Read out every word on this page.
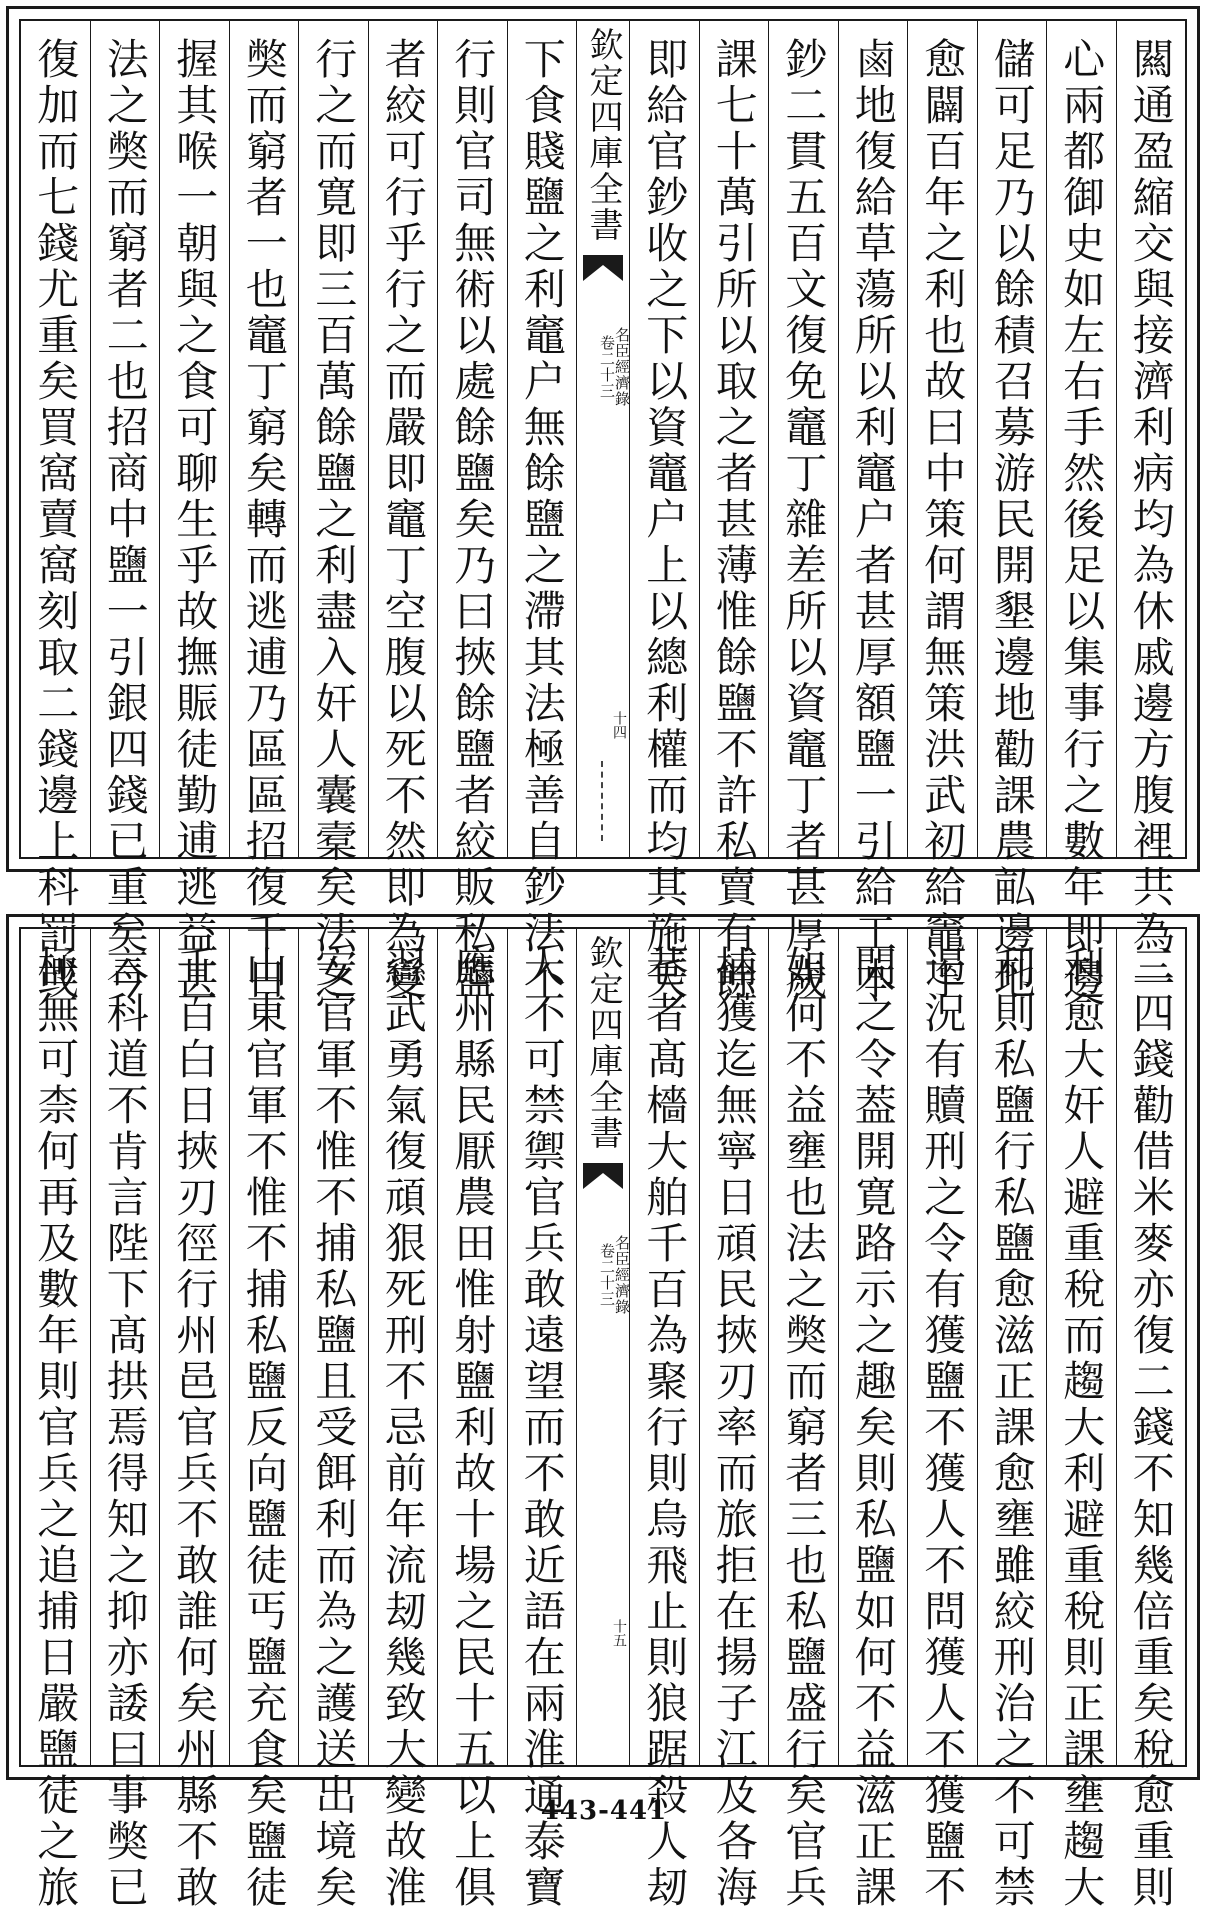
闗通盈縮交與接濟利病均為休戚邊方腹裡共為一
心兩都御史如左右手然後足以集事行之數年即邊
儲可足乃以餘積召募游民開墾邊地勸課農畆邊地
愈闢百年之利也故曰中策何謂無策洪武初給竈丁
鹵地復給草蕩所以利竈户者甚厚額鹽一引給工本
鈔二貫五百文復免竈丁雜差所以資竈丁者甚厚歲
課七十萬引所以取之者甚薄惟餘鹽不許私賣有餘
即給官鈔收之下以資竈户上以總利權而均其施夭
欽定四庫全書
名臣經濟錄
卷二十三
十四
下食賤鹽之利竈户無餘鹽之滯其法極善自鈔法不
行則官司無術以處餘鹽矣乃曰挾餘鹽者絞販私鹽
者絞可行乎行之而嚴即竈丁空腹以死不然即為變
行之而寛即三百萬餘鹽之利盡入奸人囊槖矣法之
獘而窮者一也竈丁窮矣轉而逃逋乃區區招復千日
握其喉一朝與之食可聊生乎故撫賑徒勤逋逃益甚
法之獘而窮者二也招商中鹽一引銀四錢已重矣今
復加而七錢尤重矣買窩賣窩刻取二錢邊上科罰或
三四錢勸借米麥亦復二錢不知幾倍重矣稅愈重則
利愈大奸人避重稅而趨大利避重稅則正課壅趨大
利則私鹽行私鹽愈滋正課愈壅雖絞刑治之不可禁
遏況有贖刑之令有獲鹽不獲人不問獲人不獲鹽不
問之令葢開寛路示之趣矣則私鹽如何不益滋正課
如何不益壅也法之獘而窮者三也私鹽盛行矣官兵
捕獲迄無寧日頑民挾刃率而旅拒在揚子江及各海
巷者髙檣大舶千百為聚行則烏飛止則狼踞殺人刼
欽定四庫全書
名臣經濟錄
卷二十三
十五
人不可禁禦官兵敢遠望而不敢近語在兩淮通泰寶
應州縣民厭農田惟射鹽利故十場之民十五以上俱
習武勇氣復頑狠死刑不忌前年流刼幾致大變故淮
安官軍不惟不捕私鹽且受餌利而為之護送出境矣
山東官軍不惟不捕私鹽反向鹽徒丐鹽充食矣鹽徒
千百白日挾刃徑行州邑官兵不敢誰何矣州縣不敢
言科道不肯言陛下髙拱焉得知之抑亦諉曰事獘已
極無可柰何再及數年則官兵之追捕日嚴鹽徒之旅	443-441
